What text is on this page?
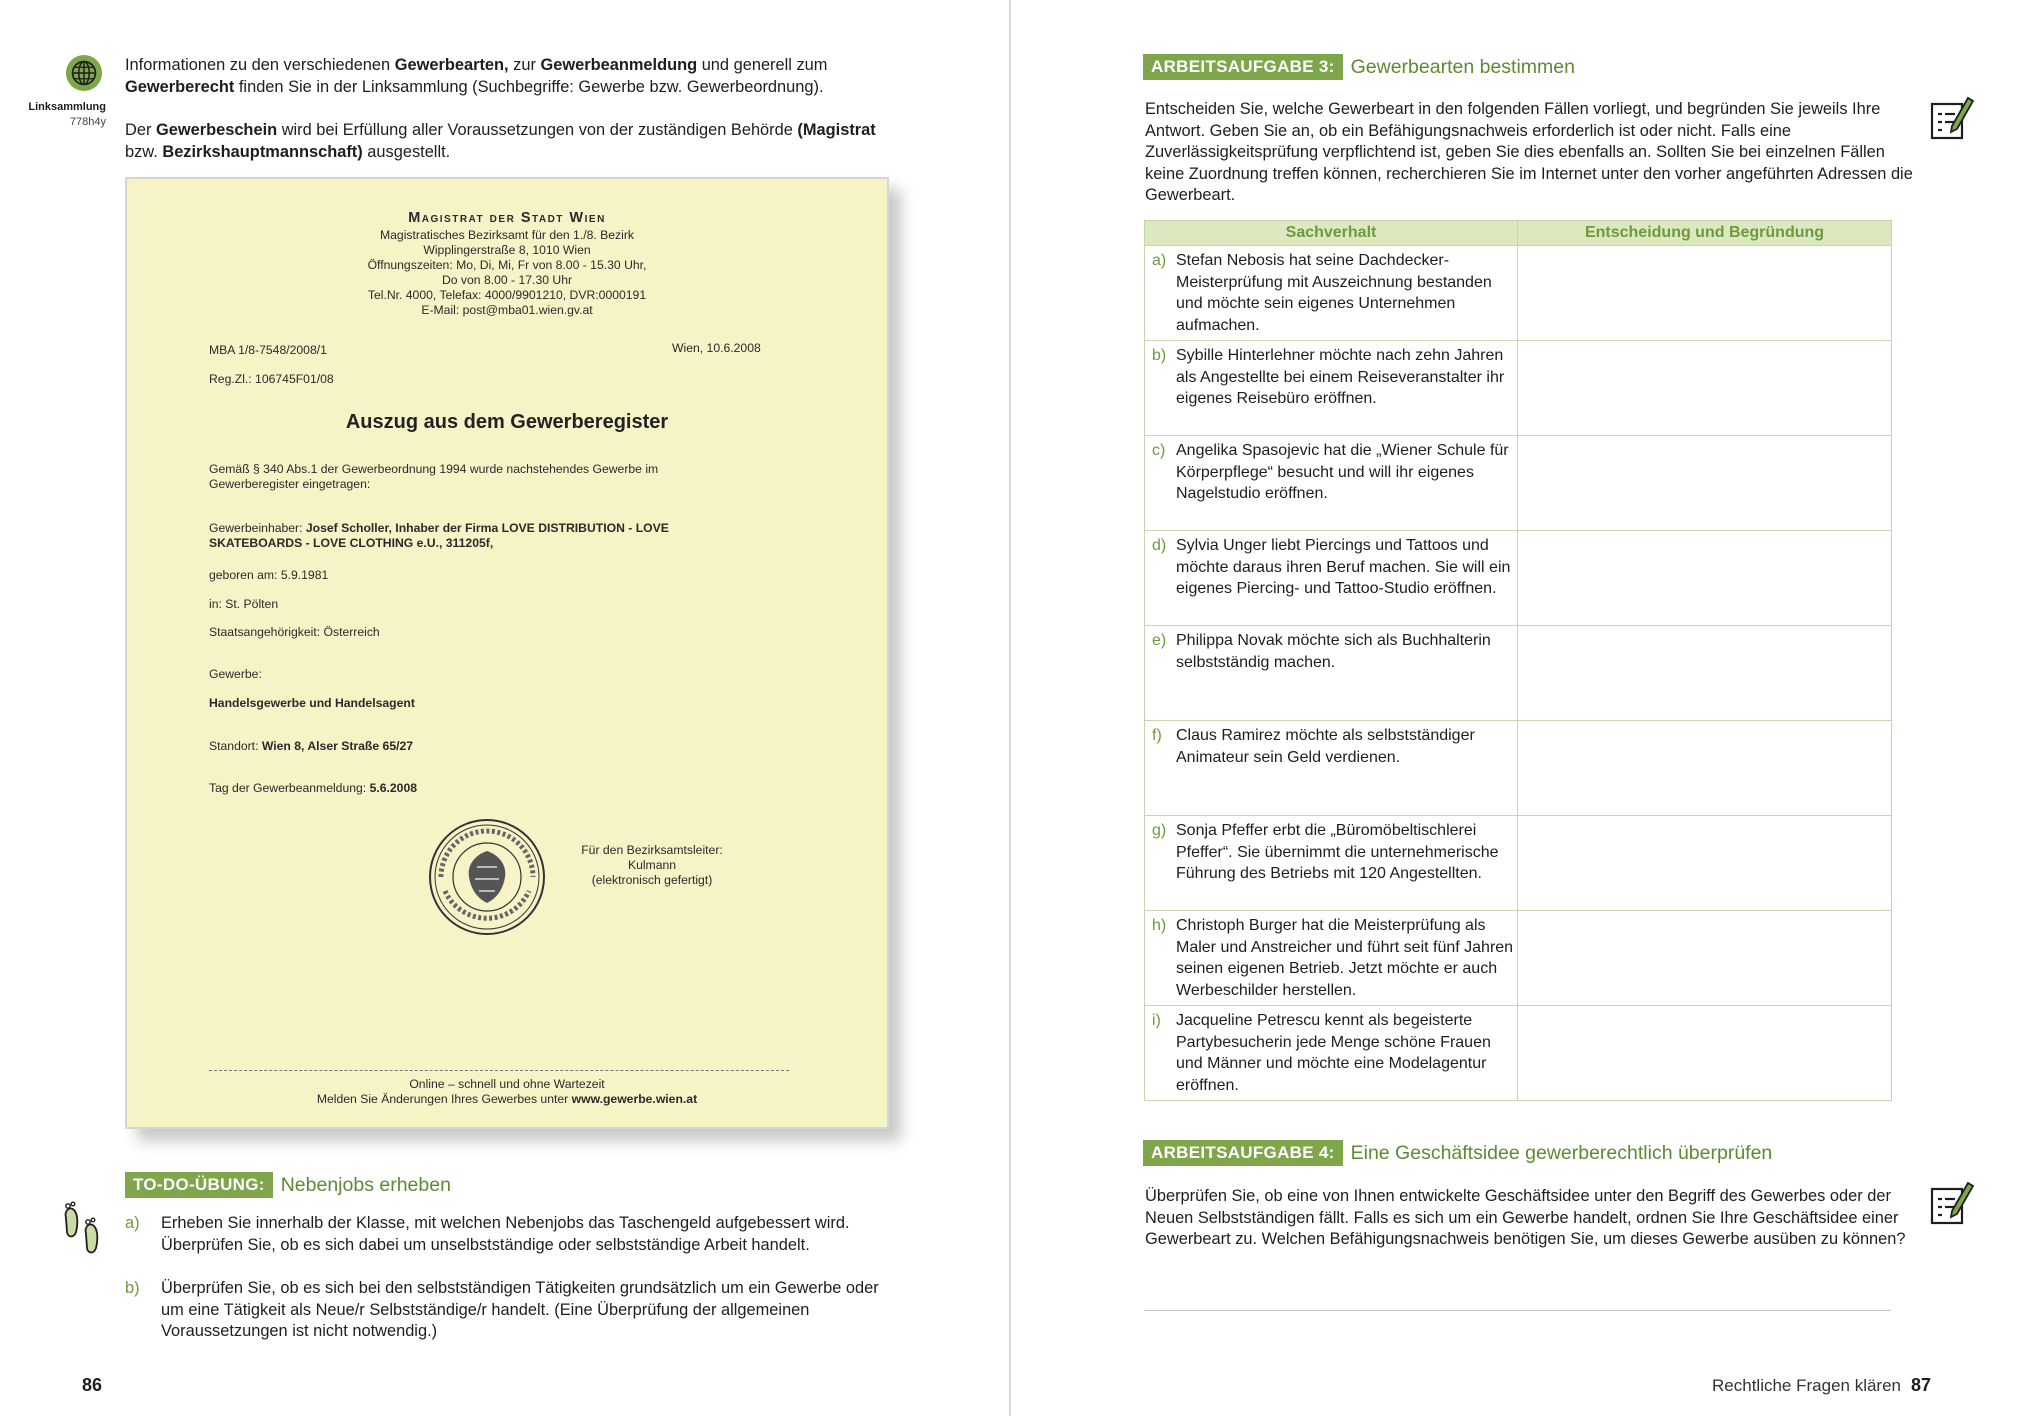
Linksammlung
778h4y
Informationen zu den verschiedenen Gewerbearten, zur Gewerbeanmeldung und generell zum Gewerberecht finden Sie in der Linksammlung (Suchbegriffe: Gewerbe bzw. Gewerbeordnung).
Der Gewerbeschein wird bei Erfüllung aller Voraussetzungen von der zuständigen Behörde (Magistrat bzw. Bezirkshauptmannschaft) ausgestellt.
Magistrat der Stadt Wien
Magistratisches Bezirksamt für den 1./8. Bezirk
Wipplingerstraße 8, 1010 Wien
Öffnungszeiten: Mo, Di, Mi, Fr von 8.00 - 15.30 Uhr,
Do von 8.00 - 17.30 Uhr
Tel.Nr. 4000, Telefax: 4000/9901210, DVR:0000191
E-Mail: post@mba01.wien.gv.at
MBA 1/8-7548/2008/1	Wien, 10.6.2008
Reg.Zl.: 106745F01/08
Auszug aus dem Gewerberegister
Gemäß § 340 Abs.1 der Gewerbeordnung 1994 wurde nachstehendes Gewerbe im
Gewerberegister eingetragen:
Gewerbeinhaber: Josef Scholler, Inhaber der Firma LOVE DISTRIBUTION - LOVE
SKATEBOARDS - LOVE CLOTHING e.U., 311205f,
geboren am: 5.9.1981
in: St. Pölten
Staatsangehörigkeit: Österreich
Gewerbe:
Handelsgewerbe und Handelsagent
Standort: Wien 8, Alser Straße 65/27
Tag der Gewerbeanmeldung: 5.6.2008
Für den Bezirksamtsleiter:
Kulmann
(elektronisch gefertigt)
Online – schnell und ohne Wartezeit
Melden Sie Änderungen Ihres Gewerbes unter www.gewerbe.wien.at
TO-DO-ÜBUNG: Nebenjobs erheben
a) Erheben Sie innerhalb der Klasse, mit welchen Nebenjobs das Taschengeld aufgebessert wird. Überprüfen Sie, ob es sich dabei um unselbstständige oder selbstständige Arbeit handelt.
b) Überprüfen Sie, ob es sich bei den selbstständigen Tätigkeiten grundsätzlich um ein Gewerbe oder um eine Tätigkeit als Neue/r Selbstständige/r handelt. (Eine Überprüfung der allgemeinen Voraussetzungen ist nicht notwendig.)
86
ARBEITSAUFGABE 3: Gewerbearten bestimmen
Entscheiden Sie, welche Gewerbeart in den folgenden Fällen vorliegt, und begründen Sie jeweils Ihre Antwort. Geben Sie an, ob ein Befähigungsnachweis erforderlich ist oder nicht. Falls eine Zuverlässigkeitsprüfung verpflichtend ist, geben Sie dies ebenfalls an. Sollten Sie bei einzelnen Fällen keine Zuordnung treffen können, recherchieren Sie im Internet unter den vorher angeführten Adressen die Gewerbeart.
Sachverhalt	Entscheidung und Begründung

a) Stefan Nebosis hat seine Dachdecker-Meisterprüfung mit Auszeichnung bestanden und möchte sein eigenes Unternehmen aufmachen.	

b) Sybille Hinterlehner möchte nach zehn Jahren als Angestellte bei einem Reiseveranstalter ihr eigenes Reisebüro eröffnen.	

c) Angelika Spasojevic hat die „Wiener Schule für Körperpflege“ besucht und will ihr eigenes Nagelstudio eröffnen.	

d) Sylvia Unger liebt Piercings und Tattoos und möchte daraus ihren Beruf machen. Sie will ein eigenes Piercing- und Tattoo-Studio eröffnen.	

e) Philippa Novak möchte sich als Buchhalterin selbstständig machen.	

f) Claus Ramirez möchte als selbstständiger Animateur sein Geld verdienen.	

g) Sonja Pfeffer erbt die „Büromöbeltischlerei Pfeffer“. Sie übernimmt die unternehmerische Führung des Betriebs mit 120 Angestellten.	

h) Christoph Burger hat die Meisterprüfung als Maler und Anstreicher und führt seit fünf Jahren seinen eigenen Betrieb. Jetzt möchte er auch Werbeschilder herstellen.	

i) Jacqueline Petrescu kennt als begeisterte Partybesucherin jede Menge schöne Frauen und Männer und möchte eine Modelagentur eröffnen.	

ARBEITSAUFGABE 4: Eine Geschäftsidee gewerberechtlich überprüfen
Überprüfen Sie, ob eine von Ihnen entwickelte Geschäftsidee unter den Begriff des Gewerbes oder der Neuen Selbstständigen fällt. Falls es sich um ein Gewerbe handelt, ordnen Sie Ihre Geschäftsidee einer Gewerbeart zu. Welchen Befähigungsnachweis benötigen Sie, um dieses Gewerbe ausüben zu können?
Rechtliche Fragen klären 87
